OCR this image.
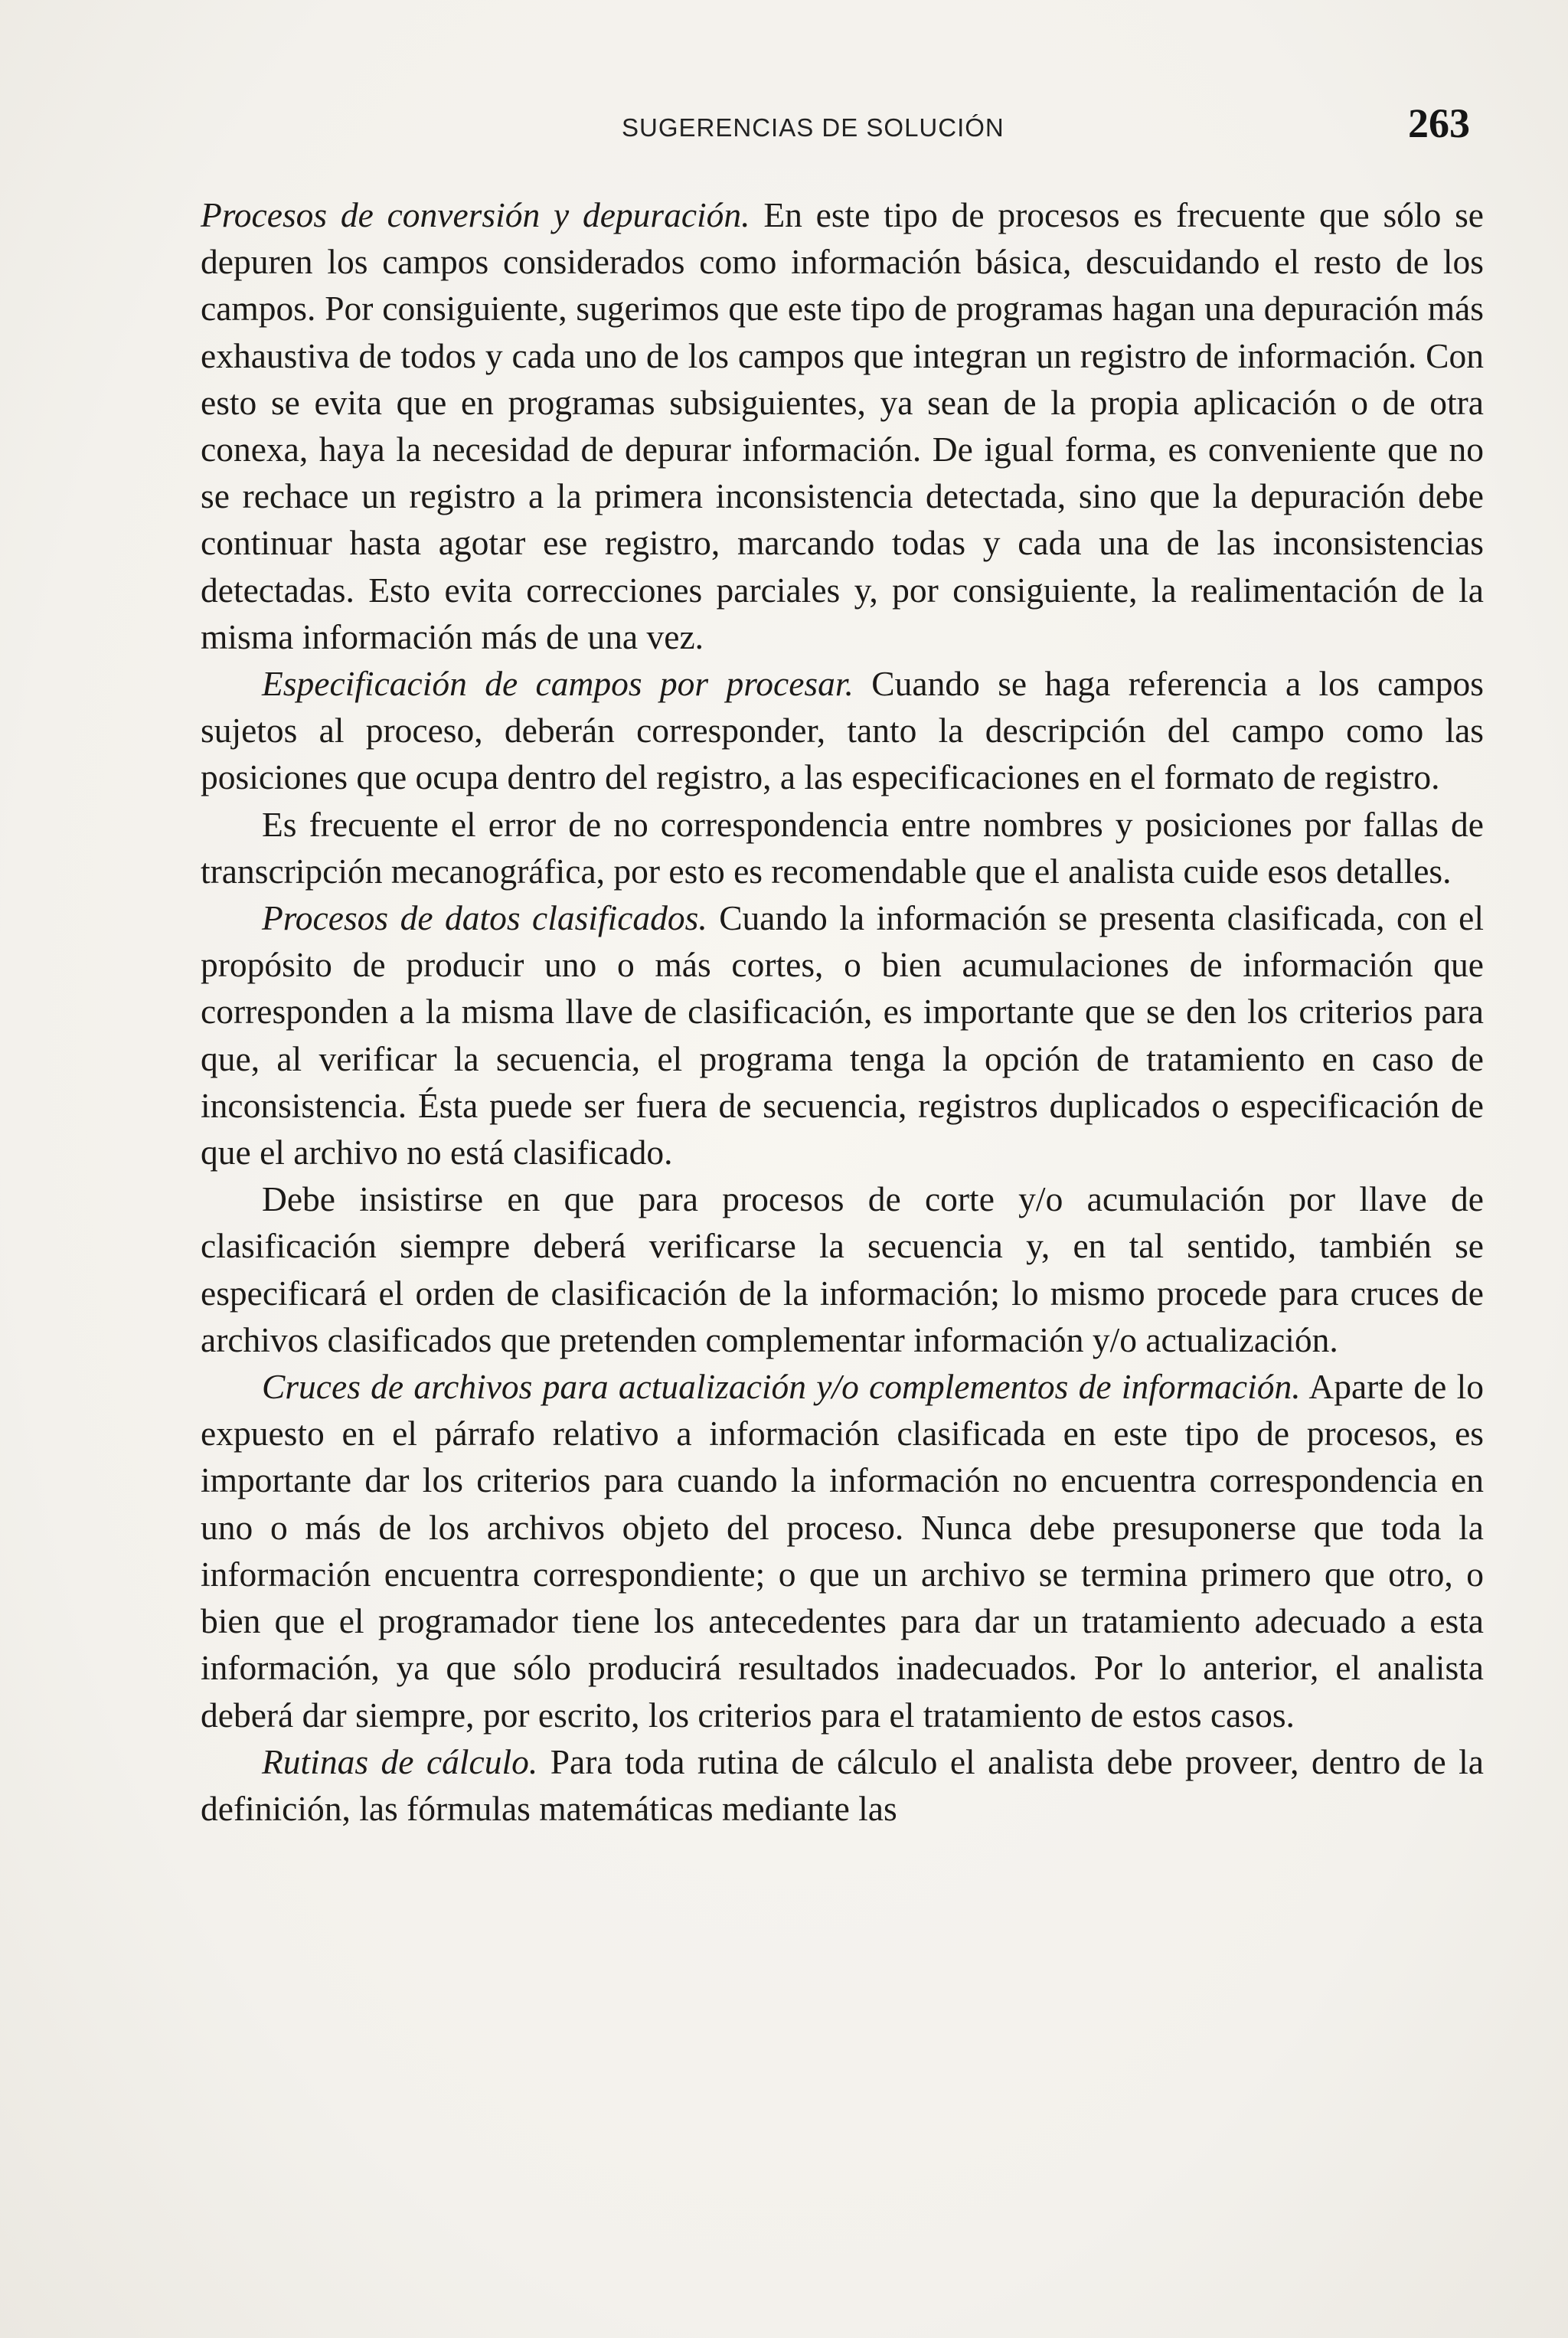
SUGERENCIAS DE SOLUCIÓN	263

Procesos de conversión y depuración. En este tipo de procesos es frecuente que sólo se depuren los campos considerados como información básica, descuidando el resto de los campos. Por consiguiente, sugerimos que este tipo de programas hagan una depuración más exhaustiva de todos y cada uno de los campos que integran un registro de información. Con esto se evita que en programas subsiguientes, ya sean de la propia aplicación o de otra conexa, haya la necesidad de depurar información. De igual forma, es conveniente que no se rechace un registro a la primera inconsistencia detectada, sino que la depuración debe continuar hasta agotar ese registro, marcando todas y cada una de las inconsistencias detectadas. Esto evita correcciones parciales y, por consiguiente, la realimentación de la misma información más de una vez.

Especificación de campos por procesar. Cuando se haga referencia a los campos sujetos al proceso, deberán corresponder, tanto la descripción del campo como las posiciones que ocupa dentro del registro, a las especificaciones en el formato de registro.

Es frecuente el error de no correspondencia entre nombres y posiciones por fallas de transcripción mecanográfica, por esto es recomendable que el analista cuide esos detalles.

Procesos de datos clasificados. Cuando la información se presenta clasificada, con el propósito de producir uno o más cortes, o bien acumulaciones de información que corresponden a la misma llave de clasificación, es importante que se den los criterios para que, al verificar la secuencia, el programa tenga la opción de tratamiento en caso de inconsistencia. Ésta puede ser fuera de secuencia, registros duplicados o especificación de que el archivo no está clasificado.

Debe insistirse en que para procesos de corte y/o acumulación por llave de clasificación siempre deberá verificarse la secuencia y, en tal sentido, también se especificará el orden de clasificación de la información; lo mismo procede para cruces de archivos clasificados que pretenden complementar información y/o actualización.

Cruces de archivos para actualización y/o complementos de información. Aparte de lo expuesto en el párrafo relativo a información clasificada en este tipo de procesos, es importante dar los criterios para cuando la información no encuentra correspondencia en uno o más de los archivos objeto del proceso. Nunca debe presuponerse que toda la información encuentra correspondiente; o que un archivo se termina primero que otro, o bien que el programador tiene los antecedentes para dar un tratamiento adecuado a esta información, ya que sólo producirá resultados inadecuados. Por lo anterior, el analista deberá dar siempre, por escrito, los criterios para el tratamiento de estos casos.

Rutinas de cálculo. Para toda rutina de cálculo el analista debe proveer, dentro de la definición, las fórmulas matemáticas mediante las
